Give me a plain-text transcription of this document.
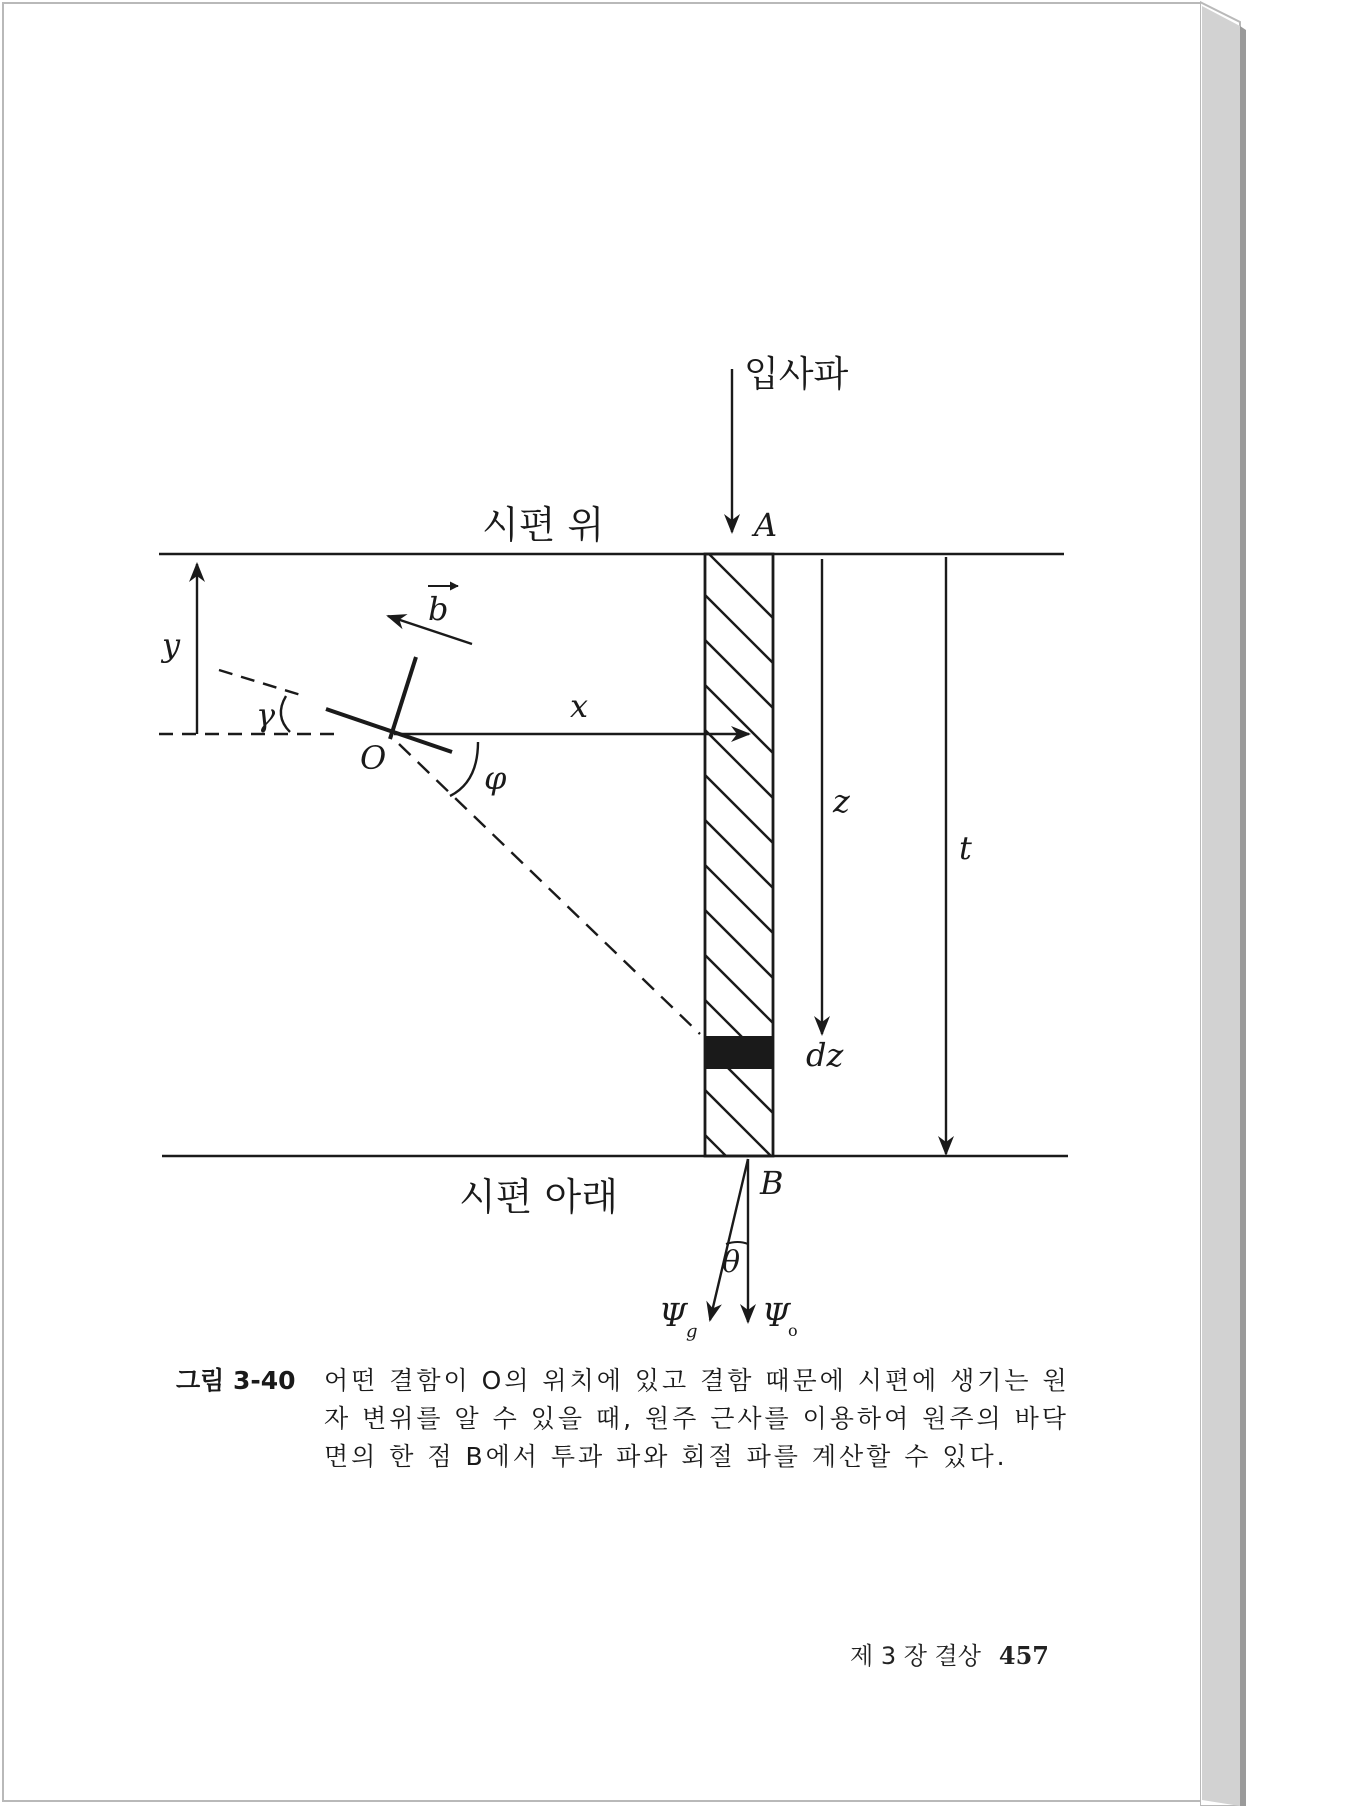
입사파
A
시편 위
시편 아래
y
γ
O
b
x
φ
z
dz
t
B
θ
Ψ
g Ψ
o
그림 3-40 어떤 결함이 O의 위치에 있고 결함 때문에 시편에 생기는 원
자 변위를 알 수 있을 때, 원주 근사를 이용하여 원주의 바닥
면의 한 점 B에서 투과 파와 회절 파를 계산할 수 있다.
제 3 장 결상 457
